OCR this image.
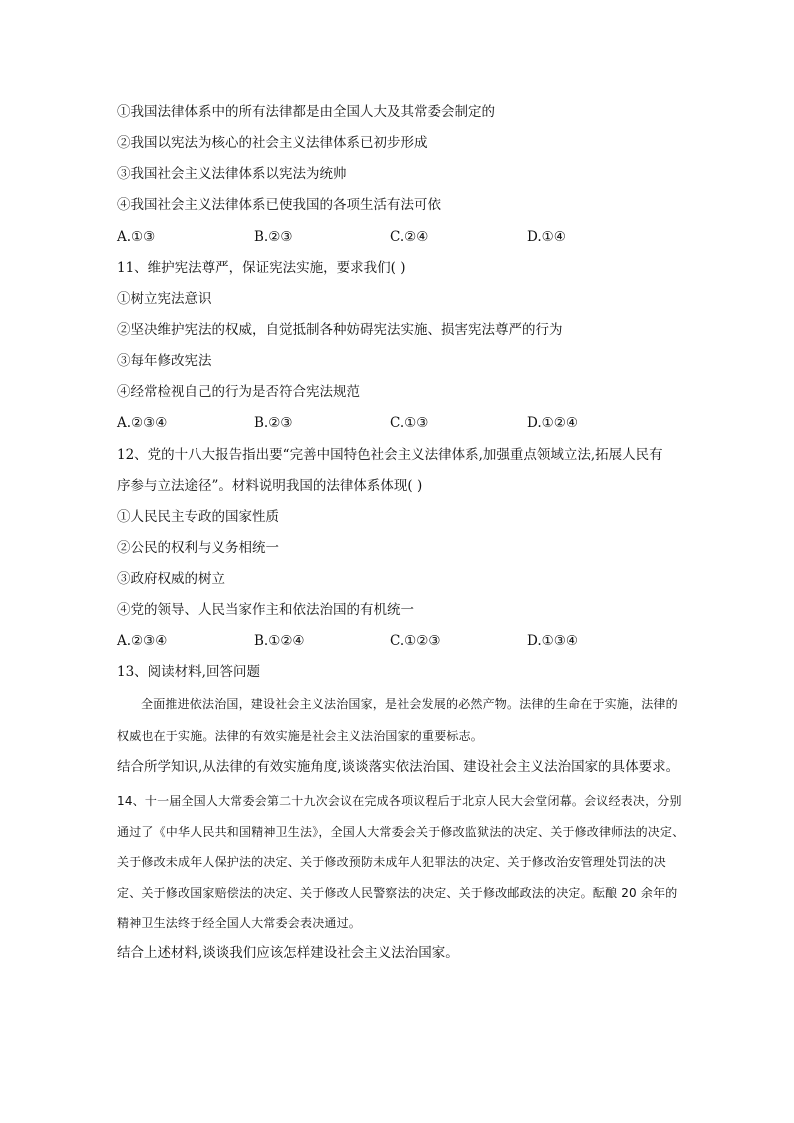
①我国法律体系中的所有法律都是由全国人大及其常委会制定的
②我国以宪法为核心的社会主义法律体系已初步形成
③我国社会主义法律体系以宪法为统帅
④我国社会主义法律体系已使我国的各项生活有法可依
A.①③	B.②③	C.②④	D.①④
11、维护宪法尊严，保证宪法实施，要求我们( )
①树立宪法意识
②坚决维护宪法的权威，自觉抵制各种妨碍宪法实施、损害宪法尊严的行为
③每年修改宪法
④经常检视自己的行为是否符合宪法规范
A.②③④	B.②③	C.①③	D.①②④
12、党的十八大报告指出要“完善中国特色社会主义法律体系,加强重点领域立法,拓展人民有
序参与立法途径”。材料说明我国的法律体系体现( )
①人民民主专政的国家性质
②公民的权利与义务相统一
③政府权威的树立
④党的领导、人民当家作主和依法治国的有机统一
A.②③④	B.①②④	C.①②③	D.①③④
13、阅读材料,回答问题
全面推进依法治国，建设社会主义法治国家，是社会发展的必然产物。法律的生命在于实施，法律的权威也在于实施。法律的有效实施是社会主义法治国家的重要标志。
结合所学知识,从法律的有效实施角度,谈谈落实依法治国、建设社会主义法治国家的具体要求。
14、十一届全国人大常委会第二十九次会议在完成各项议程后于北京人民大会堂闭幕。会议经表决，分别通过了《中华人民共和国精神卫生法》，全国人大常委会关于修改监狱法的决定、关于修改律师法的决定、关于修改未成年人保护法的决定、关于修改预防未成年人犯罪法的决定、关于修改治安管理处罚法的决定、关于修改国家赔偿法的决定、关于修改人民警察法的决定、关于修改邮政法的决定。酝酿 20 余年的精神卫生法终于经全国人大常委会表决通过。
结合上述材料,谈谈我们应该怎样建设社会主义法治国家。
